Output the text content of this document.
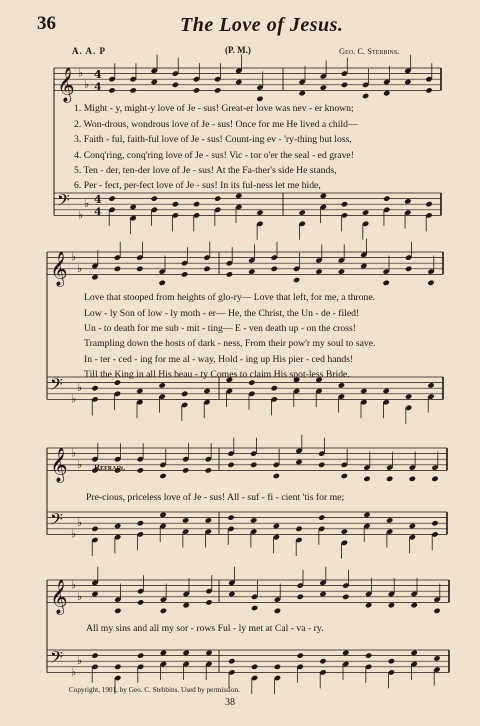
36	The Love of Jesus.
A. A. P	(P. M.)	Geo. C. Stebbins.
𝄞 ♭
♭
4
4
𝄢
♭
♭ 4
4
𝄞 ♭
♭
𝄢
♭
♭
𝄞 ♭
♭
𝄢
♭
♭
𝄞 ♭
♭
𝄢
♭
♭
1. Might - y, might-y love of Je - sus! Great-er love was nev - er known;
2. Won-drous, wondrous love of Je - sus! Once for me He lived a child—
3. Faith - ful, faith-ful love of Je - sus! Count-ing ev - 'ry-thing but loss,
4. Conq'ring, conq'ring love of Je - sus! Vic - tor o'er the seal - ed grave!
5. Ten - der, ten-der love of Je - sus! At the Fa-ther's side He stands,
6. Per - fect, per-fect love of Je - sus! In its ful-ness let me hide,
Love that stooped from heights of glo-ry— Love that left, for me, a throne.
Low - ly Son of low - ly moth - er— He, the Christ, the Un - de - filed!
Un - to death for me sub - mit - ting— E - ven death up - on the cross!
Trampling down the hosts of dark - ness, From their pow'r my soul to save.
In - ter - ced - ing for me al - way, Hold - ing up His pier - ced hands!
Till the King in all His beau - ty Comes to claim His spot-less Bride.
Refrain.
Pre-cious, priceless love of Je - sus! All - suf - fi - cient 'tis for me;
All my sins and all my sor - rows Ful - ly met at Cal - va - ry.
Copyright, 1901, by Geo. C. Stebbins. Used by permission.
38
